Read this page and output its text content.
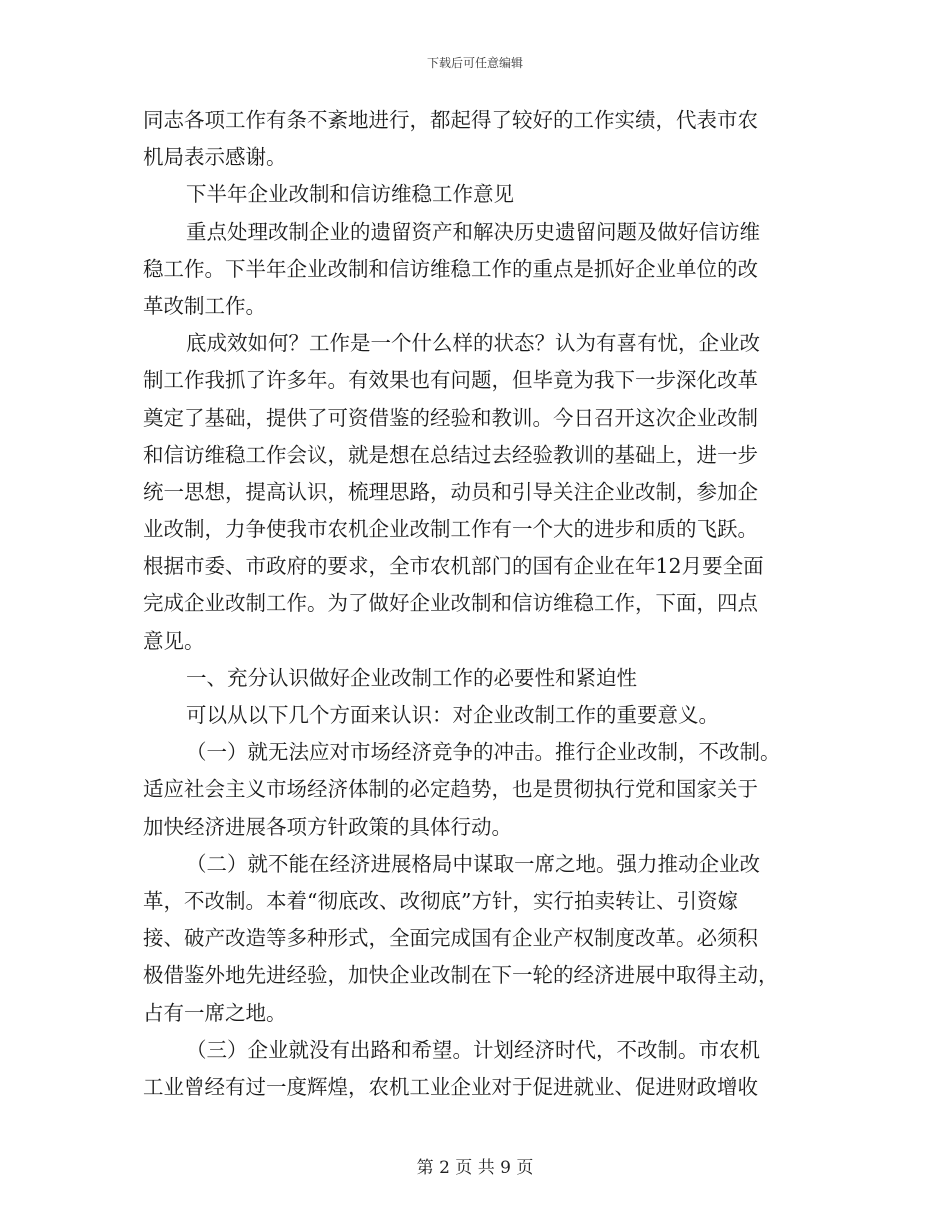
下载后可任意编辑
同志各项工作有条不紊地进行，都起得了较好的工作实绩，代表市农
机局表示感谢。
下半年企业改制和信访维稳工作意见
重点处理改制企业的遗留资产和解决历史遗留问题及做好信访维
稳工作。下半年企业改制和信访维稳工作的重点是抓好企业单位的改
革改制工作。
底成效如何？工作是一个什么样的状态？认为有喜有忧，企业改
制工作我抓了许多年。有效果也有问题，但毕竟为我下一步深化改革
奠定了基础，提供了可资借鉴的经验和教训。今日召开这次企业改制
和信访维稳工作会议，就是想在总结过去经验教训的基础上，进一步
统一思想，提高认识，梳理思路，动员和引导关注企业改制，参加企
业改制，力争使我市农机企业改制工作有一个大的进步和质的飞跃。
根据市委、市政府的要求，全市农机部门的国有企业在年12月要全面
完成企业改制工作。为了做好企业改制和信访维稳工作，下面，四点
意见。
一、充分认识做好企业改制工作的必要性和紧迫性
可以从以下几个方面来认识：对企业改制工作的重要意义。
（一）就无法应对市场经济竞争的冲击。推行企业改制，不改制。
适应社会主义市场经济体制的必定趋势，也是贯彻执行党和国家关于
加快经济进展各项方针政策的具体行动。
（二）就不能在经济进展格局中谋取一席之地。强力推动企业改
革，不改制。本着“彻底改、改彻底”方针，实行拍卖转让、引资嫁
接、破产改造等多种形式，全面完成国有企业产权制度改革。必须积
极借鉴外地先进经验，加快企业改制在下一轮的经济进展中取得主动，
占有一席之地。
（三）企业就没有出路和希望。计划经济时代，不改制。市农机
工业曾经有过一度辉煌，农机工业企业对于促进就业、促进财政增收
第 2 页 共 9 页
